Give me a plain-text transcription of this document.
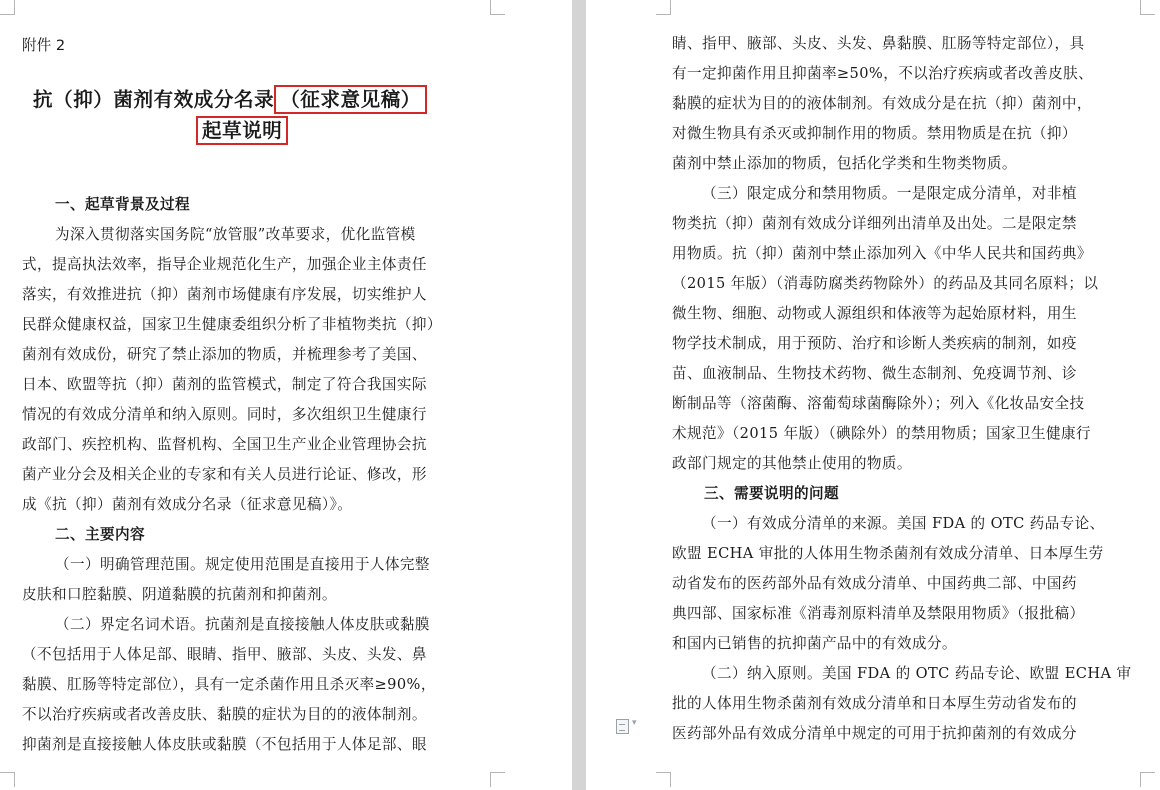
附件 2
抗（抑）菌剂有效成分名录 （征求意见稿）
起草说明
一、起草背景及过程
为深入贯彻落实国务院“放管服”改革要求，优化监管模
式，提高执法效率，指导企业规范化生产，加强企业主体责任
落实，有效推进抗（抑）菌剂市场健康有序发展，切实维护人
民群众健康权益，国家卫生健康委组织分析了非植物类抗（抑）
菌剂有效成份，研究了禁止添加的物质，并梳理参考了美国、
日本、欧盟等抗（抑）菌剂的监管模式，制定了符合我国实际
情况的有效成分清单和纳入原则。同时，多次组织卫生健康行
政部门、疾控机构、监督机构、全国卫生产业企业管理协会抗
菌产业分会及相关企业的专家和有关人员进行论证、修改，形
成《抗（抑）菌剂有效成分名录（征求意见稿）》。
二、主要内容
（一）明确管理范围。规定使用范围是直接用于人体完整
皮肤和口腔黏膜、阴道黏膜的抗菌剂和抑菌剂。
（二）界定名词术语。抗菌剂是直接接触人体皮肤或黏膜
（不包括用于人体足部、眼睛、指甲、腋部、头皮、头发、鼻
黏膜、肛肠等特定部位），具有一定杀菌作用且杀灭率≥90%，
不以治疗疾病或者改善皮肤、黏膜的症状为目的的液体制剂。
抑菌剂是直接接触人体皮肤或黏膜（不包括用于人体足部、眼
▾
睛、指甲、腋部、头皮、头发、鼻黏膜、肛肠等特定部位），具
有一定抑菌作用且抑菌率≥50%，不以治疗疾病或者改善皮肤、
黏膜的症状为目的的液体制剂。有效成分是在抗（抑）菌剂中，
对微生物具有杀灭或抑制作用的物质。禁用物质是在抗（抑）
菌剂中禁止添加的物质，包括化学类和生物类物质。
（三）限定成分和禁用物质。一是限定成分清单，对非植
物类抗（抑）菌剂有效成分详细列出清单及出处。二是限定禁
用物质。抗（抑）菌剂中禁止添加列入《中华人民共和国药典》
（2015 年版）（消毒防腐类药物除外）的药品及其同名原料；以
微生物、细胞、动物或人源组织和体液等为起始原材料，用生
物学技术制成，用于预防、治疗和诊断人类疾病的制剂，如疫
苗、血液制品、生物技术药物、微生态制剂、免疫调节剂、诊
断制品等（溶菌酶、溶葡萄球菌酶除外）；列入《化妆品安全技
术规范》（2015 年版）（碘除外）的禁用物质；国家卫生健康行
政部门规定的其他禁止使用的物质。
三、需要说明的问题
（一）有效成分清单的来源。美国 FDA 的 OTC 药品专论、
欧盟 ECHA 审批的人体用生物杀菌剂有效成分清单、日本厚生劳
动省发布的医药部外品有效成分清单、中国药典二部、中国药
典四部、国家标准《消毒剂原料清单及禁限用物质》（报批稿）
和国内已销售的抗抑菌产品中的有效成分。
（二）纳入原则。美国 FDA 的 OTC 药品专论、欧盟 ECHA 审
批的人体用生物杀菌剂有效成分清单和日本厚生劳动省发布的
医药部外品有效成分清单中规定的可用于抗抑菌剂的有效成分
